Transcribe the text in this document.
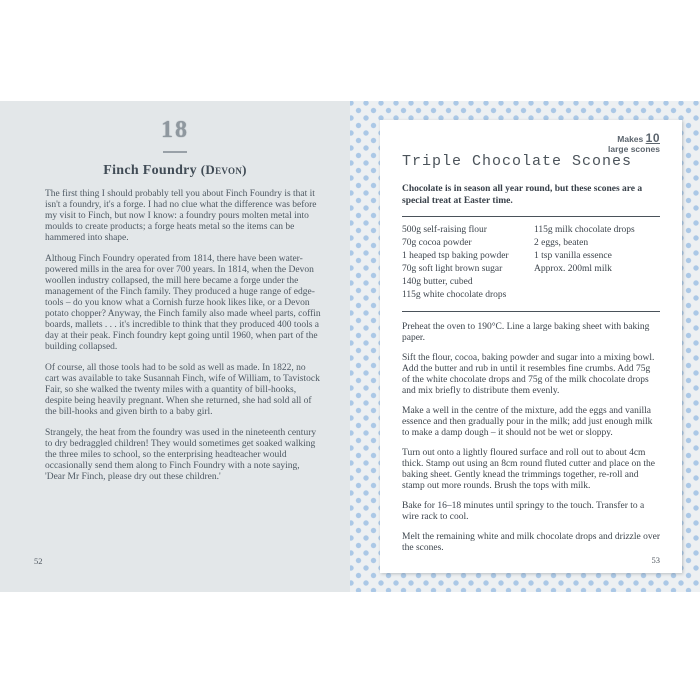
18
Finch Foundry (Devon)

The first thing I should probably tell you about Finch Foundry is that it isn't a foundry, it's a forge. I had no clue what the difference was before my visit to Finch, but now I know: a foundry pours molten metal into moulds to create products; a forge heats metal so the items can be hammered into shape.

Althoug Finch Foundry operated from 1814, there have been water-powered mills in the area for over 700 years. In 1814, when the Devon woollen industry collapsed, the mill here became a forge under the management of the Finch family. They produced a huge range of edge-tools – do you know what a Cornish furze hook likes like, or a Devon potato chopper? Anyway, the Finch family also made wheel parts, coffin boards, mallets . . . it's incredible to think that they produced 400 tools a day at their peak. Finch foundry kept going until 1960, when part of the building collapsed.

Of course, all those tools had to be sold as well as made. In 1822, no cart was available to take Susannah Finch, wife of William, to Tavistock Fair, so she walked the twenty miles with a quantity of bill-hooks, despite being heavily pregnant. When she returned, she had sold all of the bill-hooks and given birth to a baby girl.

Strangely, the heat from the foundry was used in the nineteenth century to dry bedraggled children! They would sometimes get soaked walking the three miles to school, so the enterprising headteacher would occasionally send them along to Finch Foundry with a note saying, 'Dear Mr Finch, please dry out these children.'

52
Makes 10
large scones
Triple Chocolate Scones

Chocolate is in season all year round, but these scones are a special treat at Easter time.

500g self-raising flour
70g cocoa powder
1 heaped tsp baking powder
70g soft light brown sugar
140g butter, cubed
115g white chocolate drops
115g milk chocolate drops
2 eggs, beaten
1 tsp vanilla essence
Approx. 200ml milk

Preheat the oven to 190°C. Line a large baking sheet with baking paper.

Sift the flour, cocoa, baking powder and sugar into a mixing bowl. Add the butter and rub in until it resembles fine crumbs. Add 75g of the white chocolate drops and 75g of the milk chocolate drops and mix briefly to distribute them evenly.

Make a well in the centre of the mixture, add the eggs and vanilla essence and then gradually pour in the milk; add just enough milk to make a damp dough – it should not be wet or sloppy.

Turn out onto a lightly floured surface and roll out to about 4cm thick. Stamp out using an 8cm round fluted cutter and place on the baking sheet. Gently knead the trimmings together, re-roll and stamp out more rounds. Brush the tops with milk.

Bake for 16–18 minutes until springy to the touch. Transfer to a wire rack to cool.

Melt the remaining white and milk chocolate drops and drizzle over the scones.

53
